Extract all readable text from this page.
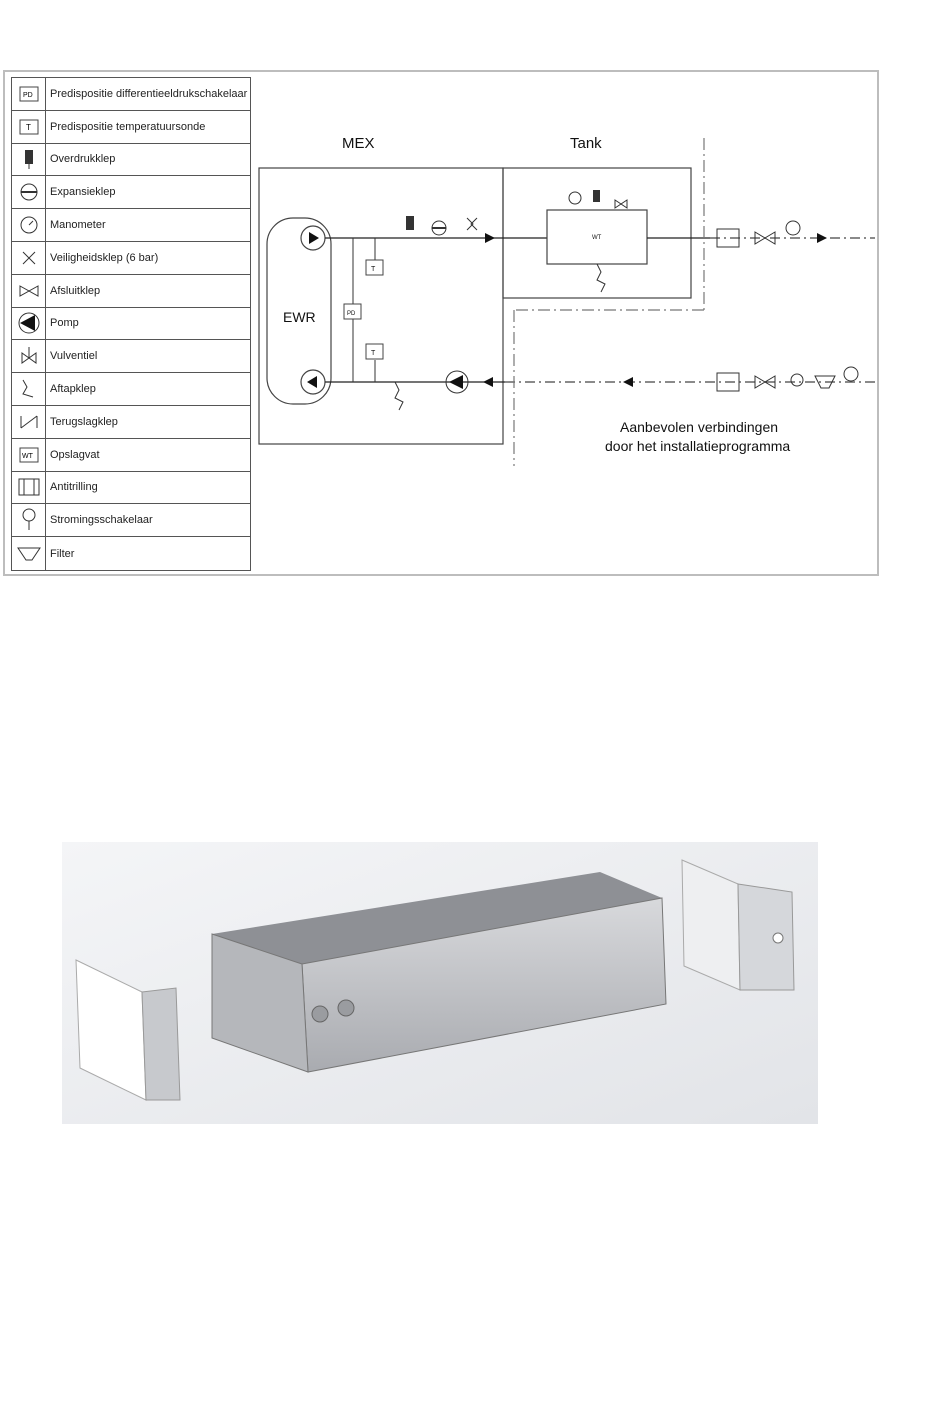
PD	Predispositie differentieeldrukschakelaar
T	Predispositie temperatuursonde
Overdrukklep
Expansieklep
Manometer
Veiligheidsklep (6 bar)
Afsluitklep
Pomp
Vulventiel
Aftapklep
Terugslagklep
WT	Opslagvat
Antitrilling
Stromingsschakelaar
Filter
EWR
MEX	Tank
WT
T
PD
T
Aanbevolen verbindingen
door het installatieprogramma
